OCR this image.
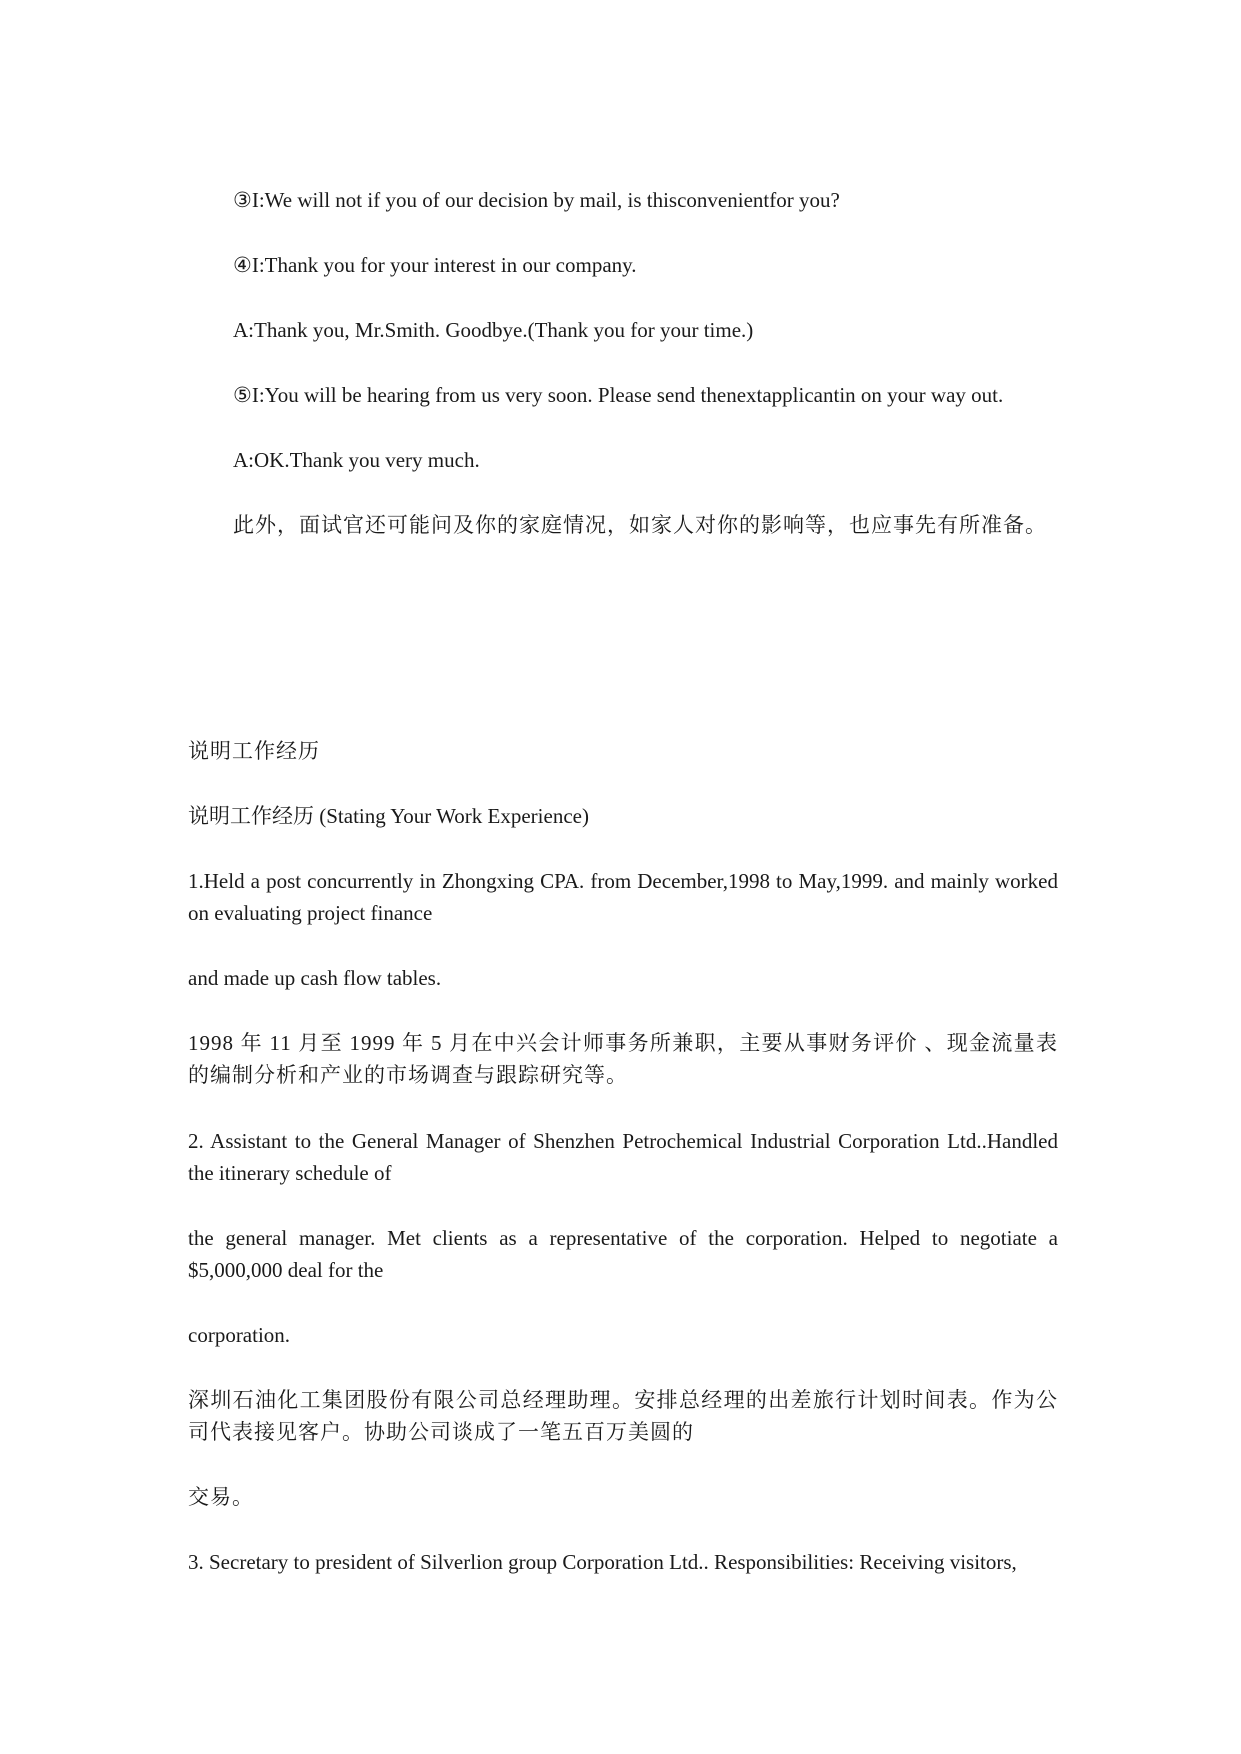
③I:We will not if you of our decision by mail, is thisconvenientfor you?

④I:Thank you for your interest in our company.

A:Thank you, Mr.Smith. Goodbye.(Thank you for your time.)

⑤I:You will be hearing from us very soon. Please send thenextapplicantin on your way out.

A:OK.Thank you very much.

此外，面试官还可能问及你的家庭情况，如家人对你的影响等，也应事先有所准备。

说明工作经历

说明工作经历 (Stating Your Work Experience)

1.Held a post concurrently in Zhongxing CPA. from December,1998 to May,1999. and mainly worked on evaluating project finance

and made up cash flow tables.

1998 年 11 月至 1999 年 5 月在中兴会计师事务所兼职，主要从事财务评价 、现金流量表的编制分析和产业的市场调查与跟踪研究等。

2. Assistant to the General Manager of Shenzhen Petrochemical Industrial Corporation Ltd..Handled the itinerary schedule of

the general manager. Met clients as a representative of the corporation. Helped to negotiate a $5,000,000 deal for the

corporation.

深圳石油化工集团股份有限公司总经理助理。安排总经理的出差旅行计划时间表。作为公司代表接见客户。协助公司谈成了一笔五百万美圆的

交易。

3. Secretary to president of Silverlion group Corporation Ltd.. Responsibilities: Receiving visitors,
